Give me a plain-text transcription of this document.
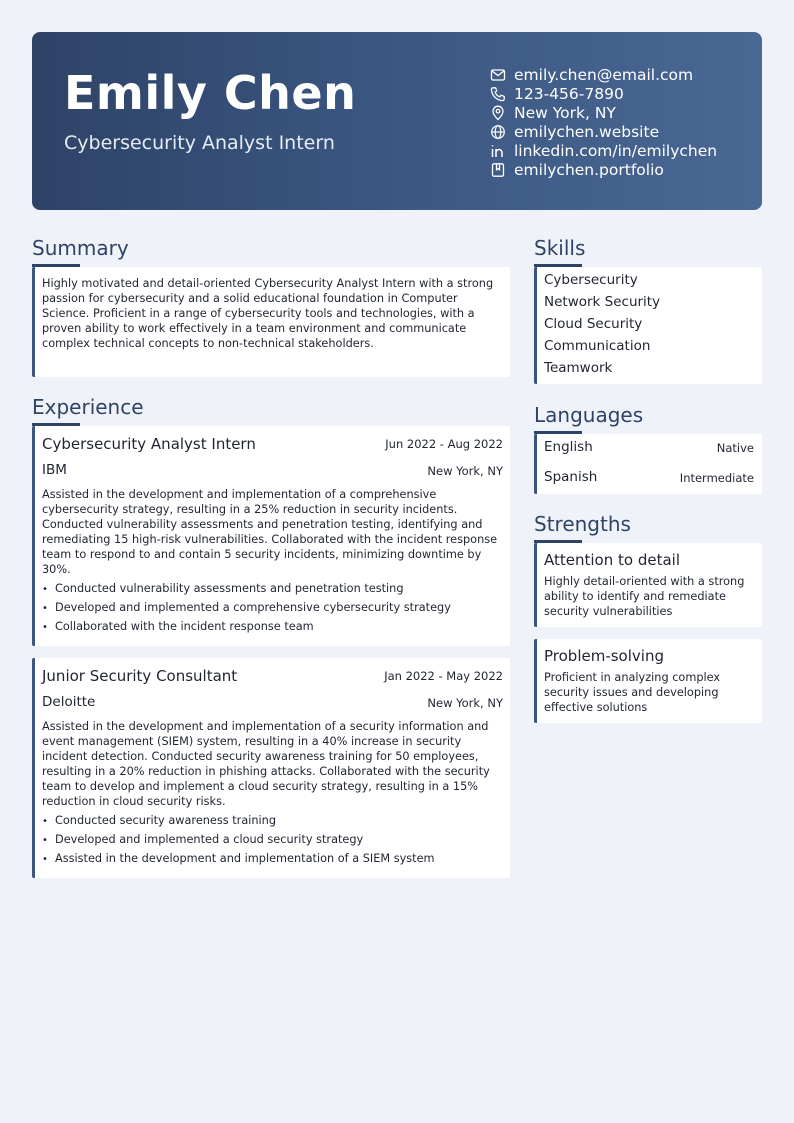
Emily Chen
Cybersecurity Analyst Intern
emily.chen@email.com
123-456-7890
New York, NY
emilychen.website
linkedin.com/in/emilychen
emilychen.portfolio
Summary
Highly motivated and detail-oriented Cybersecurity Analyst Intern with a strong passion for cybersecurity and a solid educational foundation in Computer Science. Proficient in a range of cybersecurity tools and technologies, with a proven ability to work effectively in a team environment and communicate complex technical concepts to non-technical stakeholders.
Experience
Cybersecurity Analyst Intern	Jun 2022 - Aug 2022
IBM	New York, NY
Assisted in the development and implementation of a comprehensive cybersecurity strategy, resulting in a 25% reduction in security incidents. Conducted vulnerability assessments and penetration testing, identifying and remediating 15 high-risk vulnerabilities. Collaborated with the incident response team to respond to and contain 5 security incidents, minimizing downtime by 30%.
• Conducted vulnerability assessments and penetration testing
• Developed and implemented a comprehensive cybersecurity strategy
• Collaborated with the incident response team
Junior Security Consultant	Jan 2022 - May 2022
Deloitte	New York, NY
Assisted in the development and implementation of a security information and event management (SIEM) system, resulting in a 40% increase in security incident detection. Conducted security awareness training for 50 employees, resulting in a 20% reduction in phishing attacks. Collaborated with the security team to develop and implement a cloud security strategy, resulting in a 15% reduction in cloud security risks.
• Conducted security awareness training
• Developed and implemented a cloud security strategy
• Assisted in the development and implementation of a SIEM system
Skills
Cybersecurity
Network Security
Cloud Security
Communication
Teamwork
Languages
English	Native
Spanish	Intermediate
Strengths
Attention to detail
Highly detail-oriented with a strong ability to identify and remediate security vulnerabilities
Problem-solving
Proficient in analyzing complex security issues and developing effective solutions
